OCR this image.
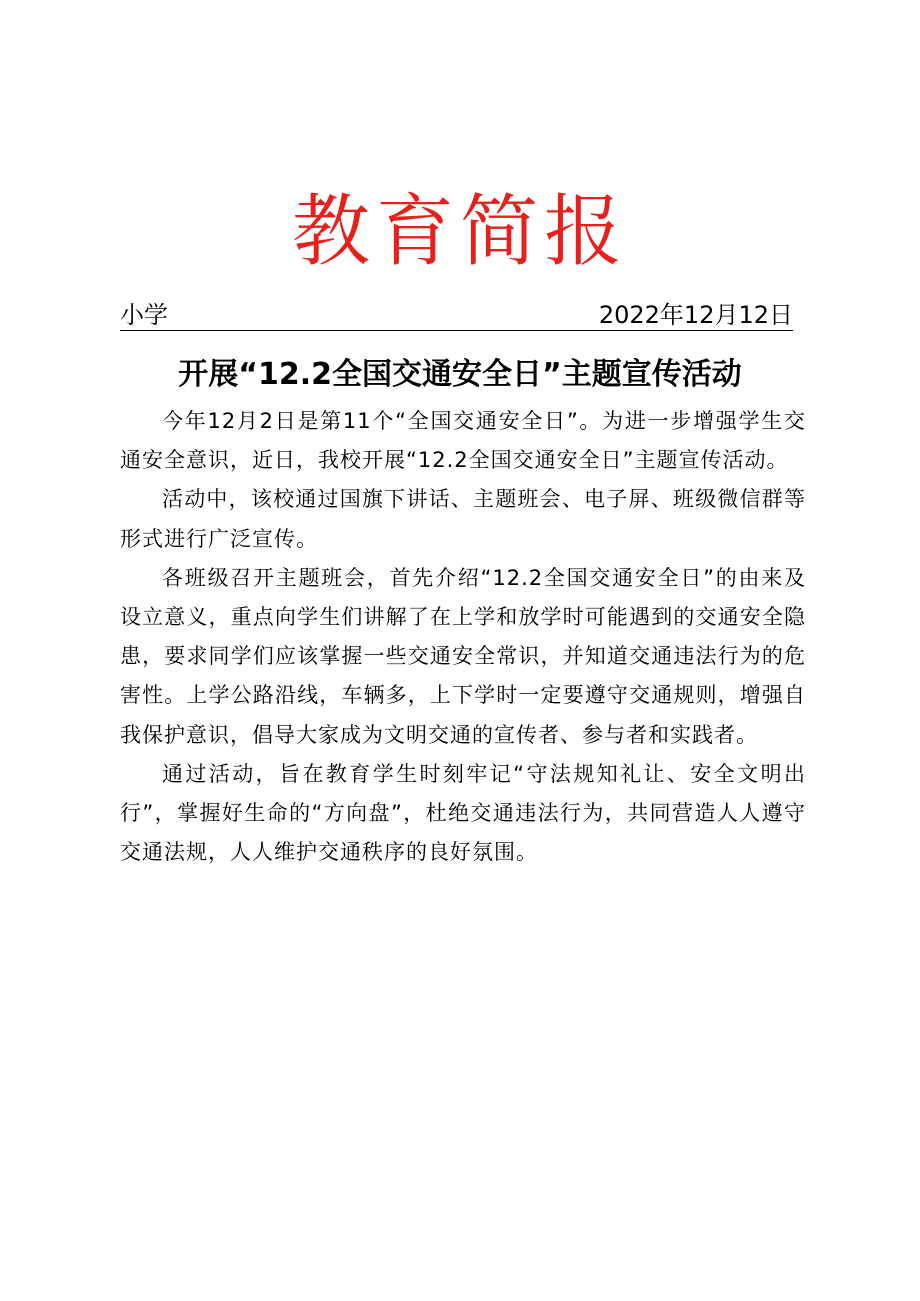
教育简报
小学	2022年12月12日
开展“12.2全国交通安全日”主题宣传活动

今年12月2日是第11个“全国交通安全日”。为进一步增强学生交通安全意识，近日，我校开展“12.2全国交通安全日”主题宣传活动。

活动中，该校通过国旗下讲话、主题班会、电子屏、班级微信群等形式进行广泛宣传。

各班级召开主题班会，首先介绍“12.2全国交通安全日”的由来及设立意义，重点向学生们讲解了在上学和放学时可能遇到的交通安全隐患，要求同学们应该掌握一些交通安全常识，并知道交通违法行为的危害性。上学公路沿线，车辆多，上下学时一定要遵守交通规则，增强自我保护意识，倡导大家成为文明交通的宣传者、参与者和实践者。

通过活动，旨在教育学生时刻牢记“守法规知礼让、安全文明出行”，掌握好生命的“方向盘”，杜绝交通违法行为，共同营造人人遵守交通法规，人人维护交通秩序的良好氛围。
